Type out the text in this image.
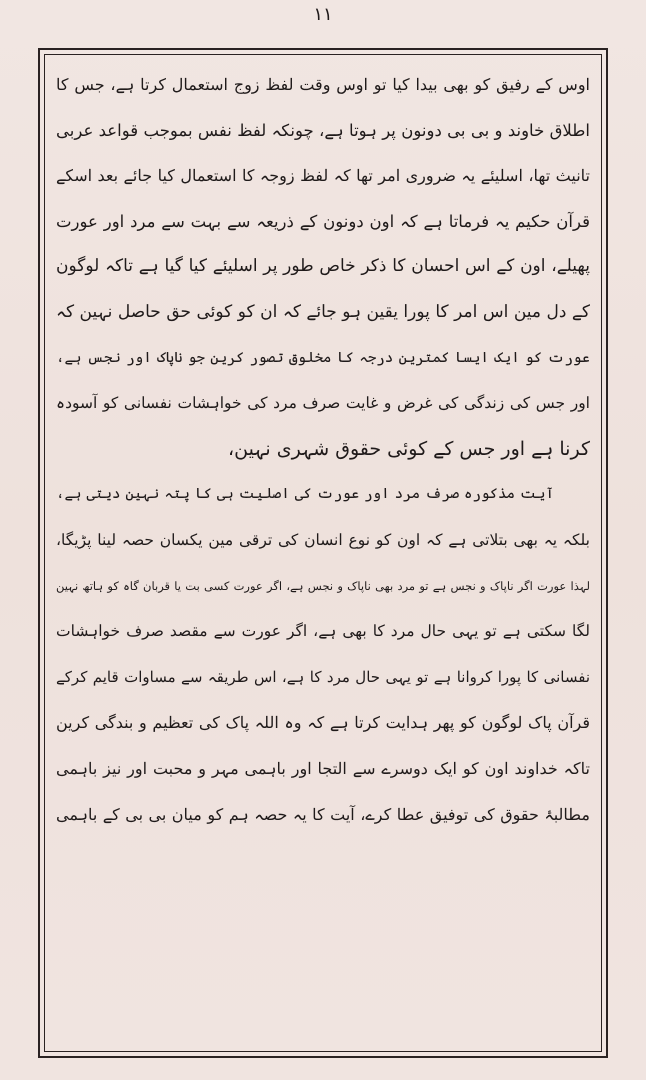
۱۱
اوس کے رفیق کو بھی بیدا کیا تو اوس وقت لفظ زوج استعمال کرتا ہے، جس کا
اطلاق خاوند و بی بی دونون پر ہوتا ہے، چونکہ لفظ نفس بموجب قواعد عربی
تانیث تھا، اسلیئے یہ ضروری امر تھا کہ لفظ زوجہ کا استعمال کیا جائے بعد اسکے
قرآن حکیم یہ فرماتا ہے کہ اون دونون کے ذریعہ سے بہت سے مرد اور عورت
پھیلے، اون کے اس احسان کا ذکر خاص طور پر اسلیئے کیا گیا ہے تاکہ لوگون
کے دل مین اس امر کا پورا یقین ہو جائے کہ ان کو کوئی حق حاصل نہین کہ
عورت کو ایک ایسا کمترین درجہ کا مخلوق تصور کرین جو ناپاک اور نجس ہے،
اور جس کی زندگی کی غرض و غایت صرف مرد کی خواہشات نفسانی کو آسودہ
کرنا ہے اور جس کے کوئی حقوق شہری نہین،
آیت مذکورہ صرف مرد اور عورت کی اصلیت ہی کا پتہ نہین دیتی ہے،
بلکہ یہ بھی بتلاتی ہے کہ اون کو نوع انسان کی ترقی مین یکسان حصہ لینا پڑیگا،
لہذا عورت اگر ناپاک و نجس ہے تو مرد بھی ناپاک و نجس ہے، اگر عورت کسی بت یا قربان گاہ کو ہاتھ نہین
لگا سکتی ہے تو یہی حال مرد کا بھی ہے، اگر عورت سے مقصد صرف خواہشات
نفسانی کا پورا کروانا ہے تو یہی حال مرد کا ہے، اس طریقہ سے مساوات قایم کرکے
قرآن پاک لوگون کو پھر ہدایت کرتا ہے کہ وہ اللہ پاک کی تعظیم و بندگی کرین
تاکہ خداوند اون کو ایک دوسرے سے التجا اور باہمی مہر و محبت اور نیز باہمی
مطالبۂ حقوق کی توفیق عطا کرے، آیت کا یہ حصہ ہم کو میان بی بی کے باہمی
